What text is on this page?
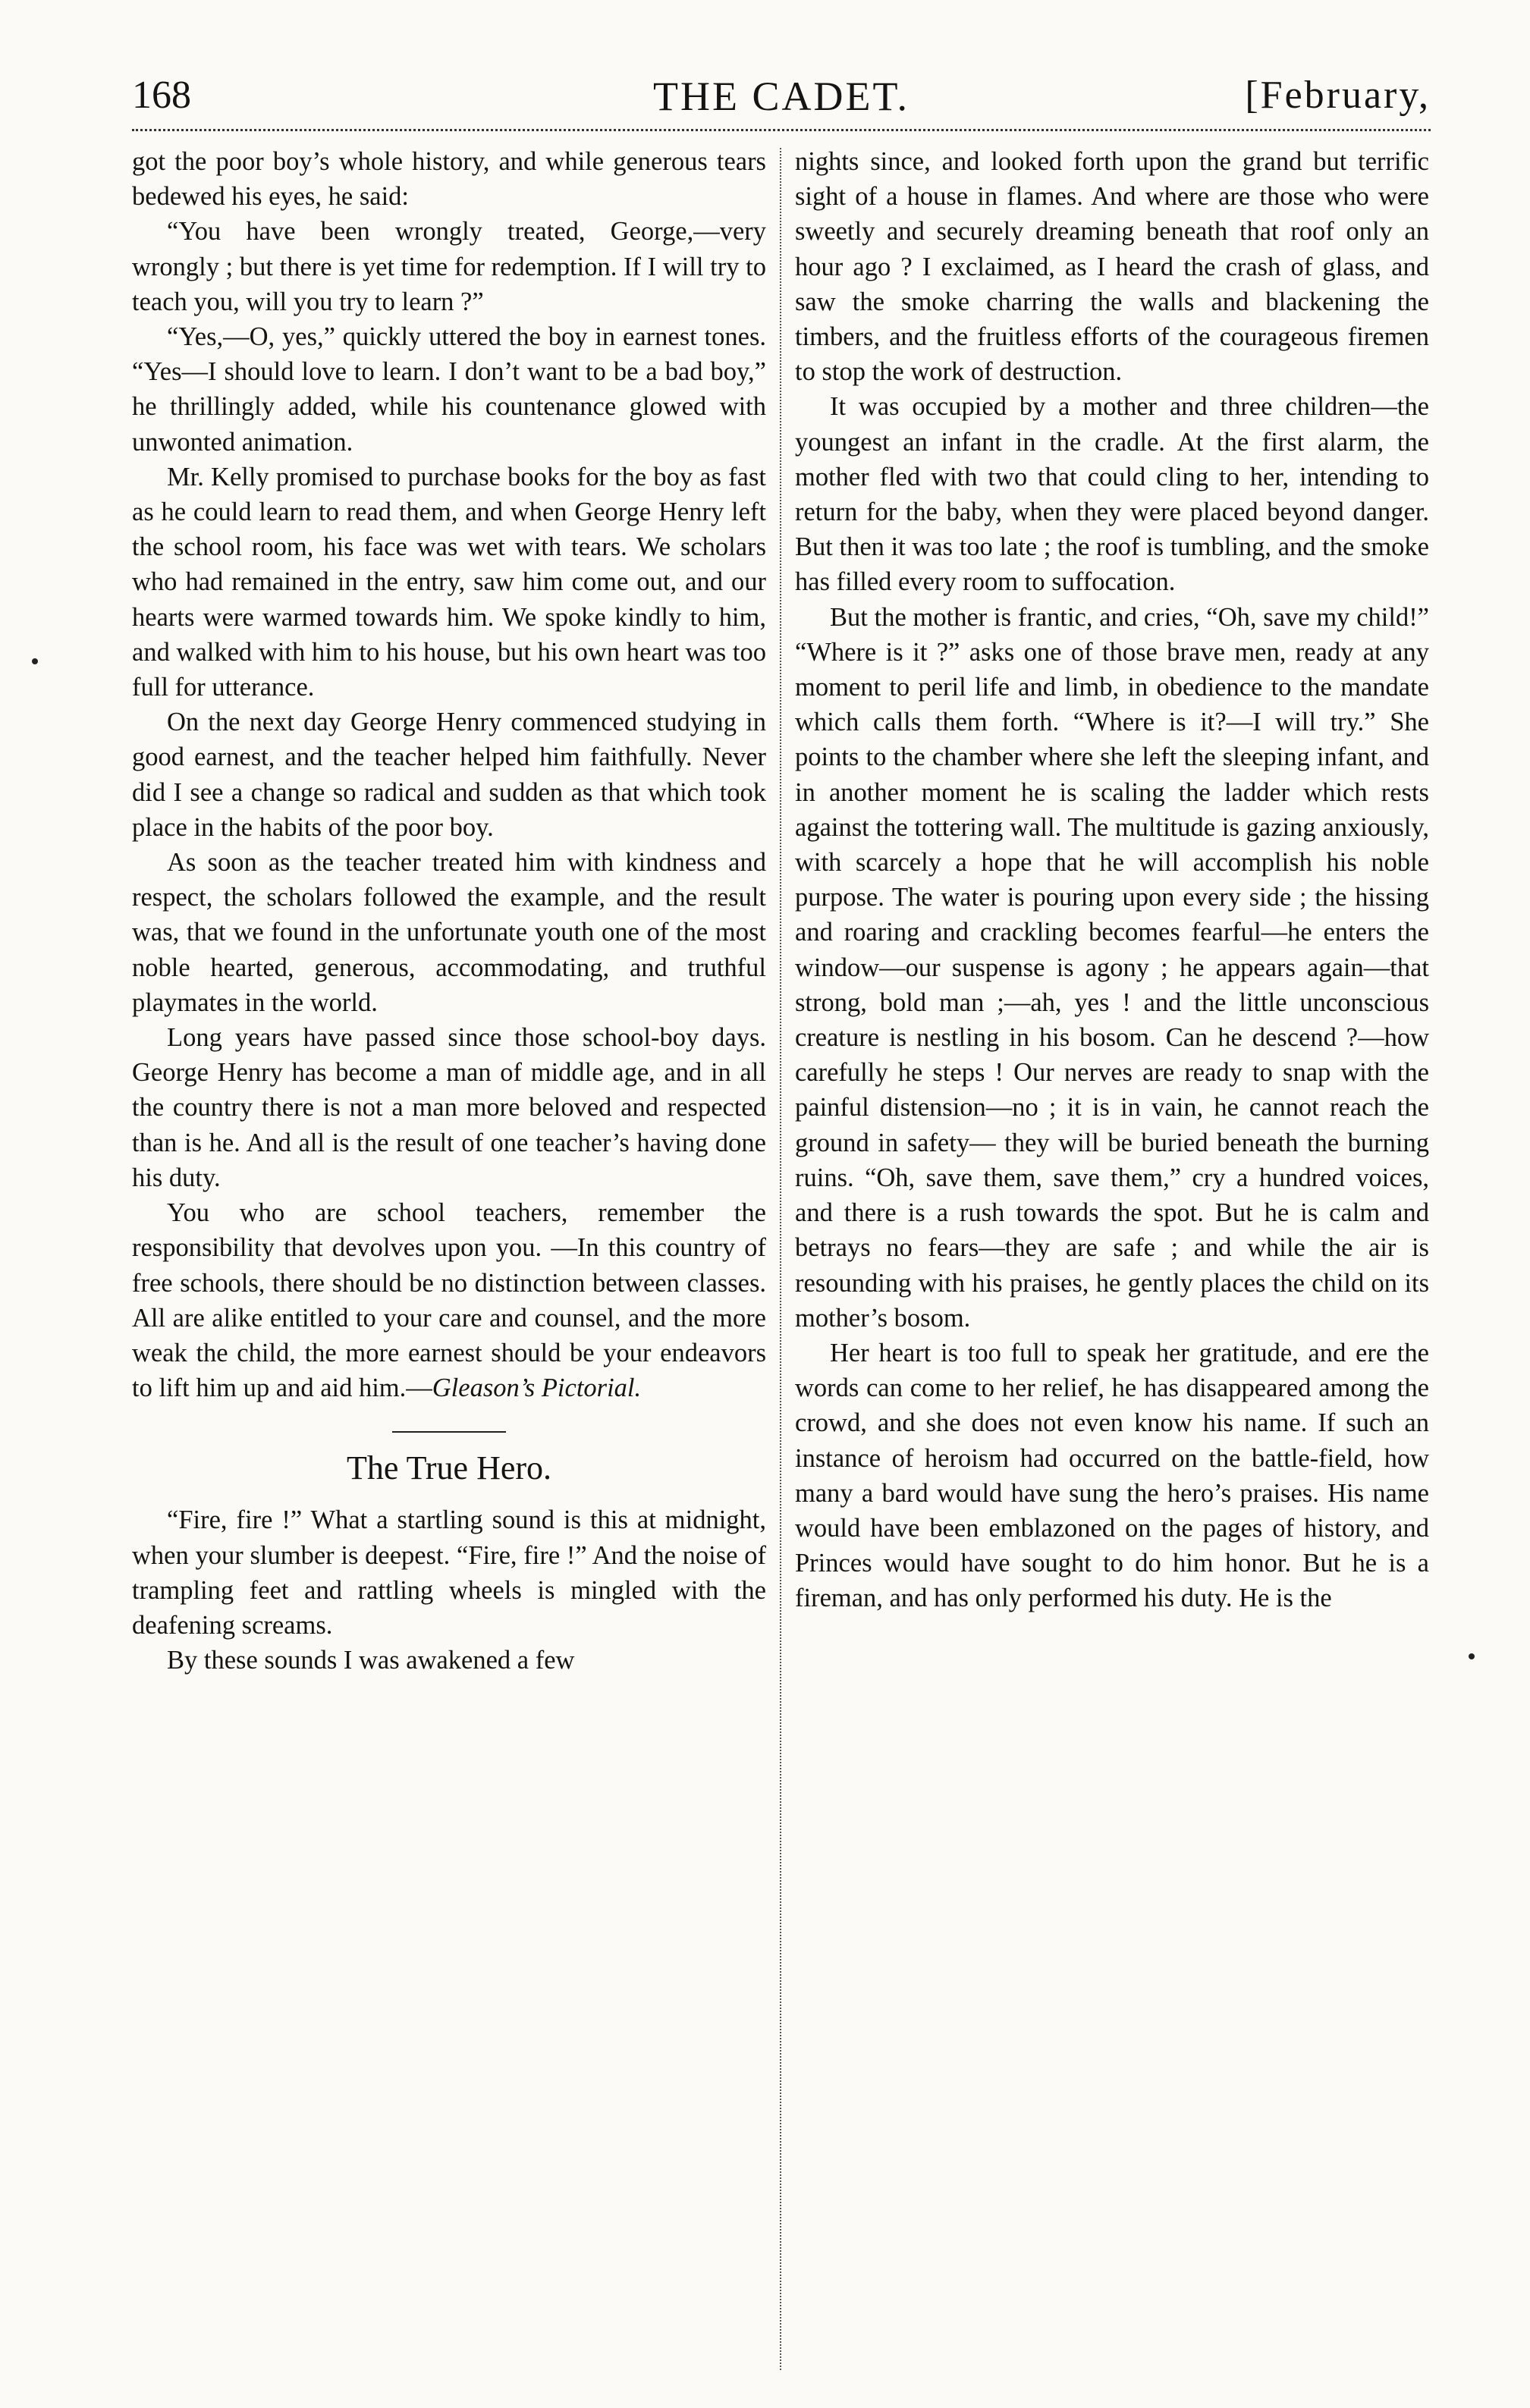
168	THE CADET.	[February,

got the poor boy’s whole history, and while generous tears bedewed his eyes, he said:

“You have been wrongly treated, George,—very wrongly ; but there is yet time for redemption. If I will try to teach you, will you try to learn ?”

“Yes,—O, yes,” quickly uttered the boy in earnest tones. “Yes—I should love to learn. I don’t want to be a bad boy,” he thrillingly added, while his countenance glowed with unwonted animation.

Mr. Kelly promised to purchase books for the boy as fast as he could learn to read them, and when George Henry left the school room, his face was wet with tears. We scholars who had remained in the entry, saw him come out, and our hearts were warmed towards him. We spoke kindly to him, and walked with him to his house, but his own heart was too full for utterance.

On the next day George Henry commenced studying in good earnest, and the teacher helped him faithfully. Never did I see a change so radical and sudden as that which took place in the habits of the poor boy.

As soon as the teacher treated him with kindness and respect, the scholars followed the example, and the result was, that we found in the unfortunate youth one of the most noble hearted, generous, accommodating, and truthful playmates in the world.

Long years have passed since those school-boy days. George Henry has become a man of middle age, and in all the country there is not a man more beloved and respected than is he. And all is the result of one teacher’s having done his duty.

You who are school teachers, remember the responsibility that devolves upon you. —In this country of free schools, there should be no distinction between classes. All are alike entitled to your care and counsel, and the more weak the child, the more earnest should be your endeavors to lift him up and aid him.—Gleason’s Pictorial.

The True Hero.

“Fire, fire !” What a startling sound is this at midnight, when your slumber is deepest. “Fire, fire !” And the noise of trampling feet and rattling wheels is mingled with the deafening screams.

By these sounds I was awakened a few

nights since, and looked forth upon the grand but terrific sight of a house in flames. And where are those who were sweetly and securely dreaming beneath that roof only an hour ago ? I exclaimed, as I heard the crash of glass, and saw the smoke charring the walls and blackening the timbers, and the fruitless efforts of the courageous firemen to stop the work of destruction.

It was occupied by a mother and three children—the youngest an infant in the cradle. At the first alarm, the mother fled with two that could cling to her, intending to return for the baby, when they were placed beyond danger. But then it was too late ; the roof is tumbling, and the smoke has filled every room to suffocation.

But the mother is frantic, and cries, “Oh, save my child!” “Where is it ?” asks one of those brave men, ready at any moment to peril life and limb, in obedience to the mandate which calls them forth. “Where is it?—I will try.” She points to the chamber where she left the sleeping infant, and in another moment he is scaling the ladder which rests against the tottering wall. The multitude is gazing anxiously, with scarcely a hope that he will accomplish his noble purpose. The water is pouring upon every side ; the hissing and roaring and crackling becomes fearful—he enters the window—our suspense is agony ; he appears again—that strong, bold man ;—ah, yes ! and the little unconscious creature is nestling in his bosom. Can he descend ?—how carefully he steps ! Our nerves are ready to snap with the painful distension—no ; it is in vain, he cannot reach the ground in safety— they will be buried beneath the burning ruins. “Oh, save them, save them,” cry a hundred voices, and there is a rush towards the spot. But he is calm and betrays no fears—they are safe ; and while the air is resounding with his praises, he gently places the child on its mother’s bosom.

Her heart is too full to speak her gratitude, and ere the words can come to her relief, he has disappeared among the crowd, and she does not even know his name. If such an instance of heroism had occurred on the battle-field, how many a bard would have sung the hero’s praises. His name would have been emblazoned on the pages of history, and Princes would have sought to do him honor. But he is a fireman, and has only performed his duty. He is the
